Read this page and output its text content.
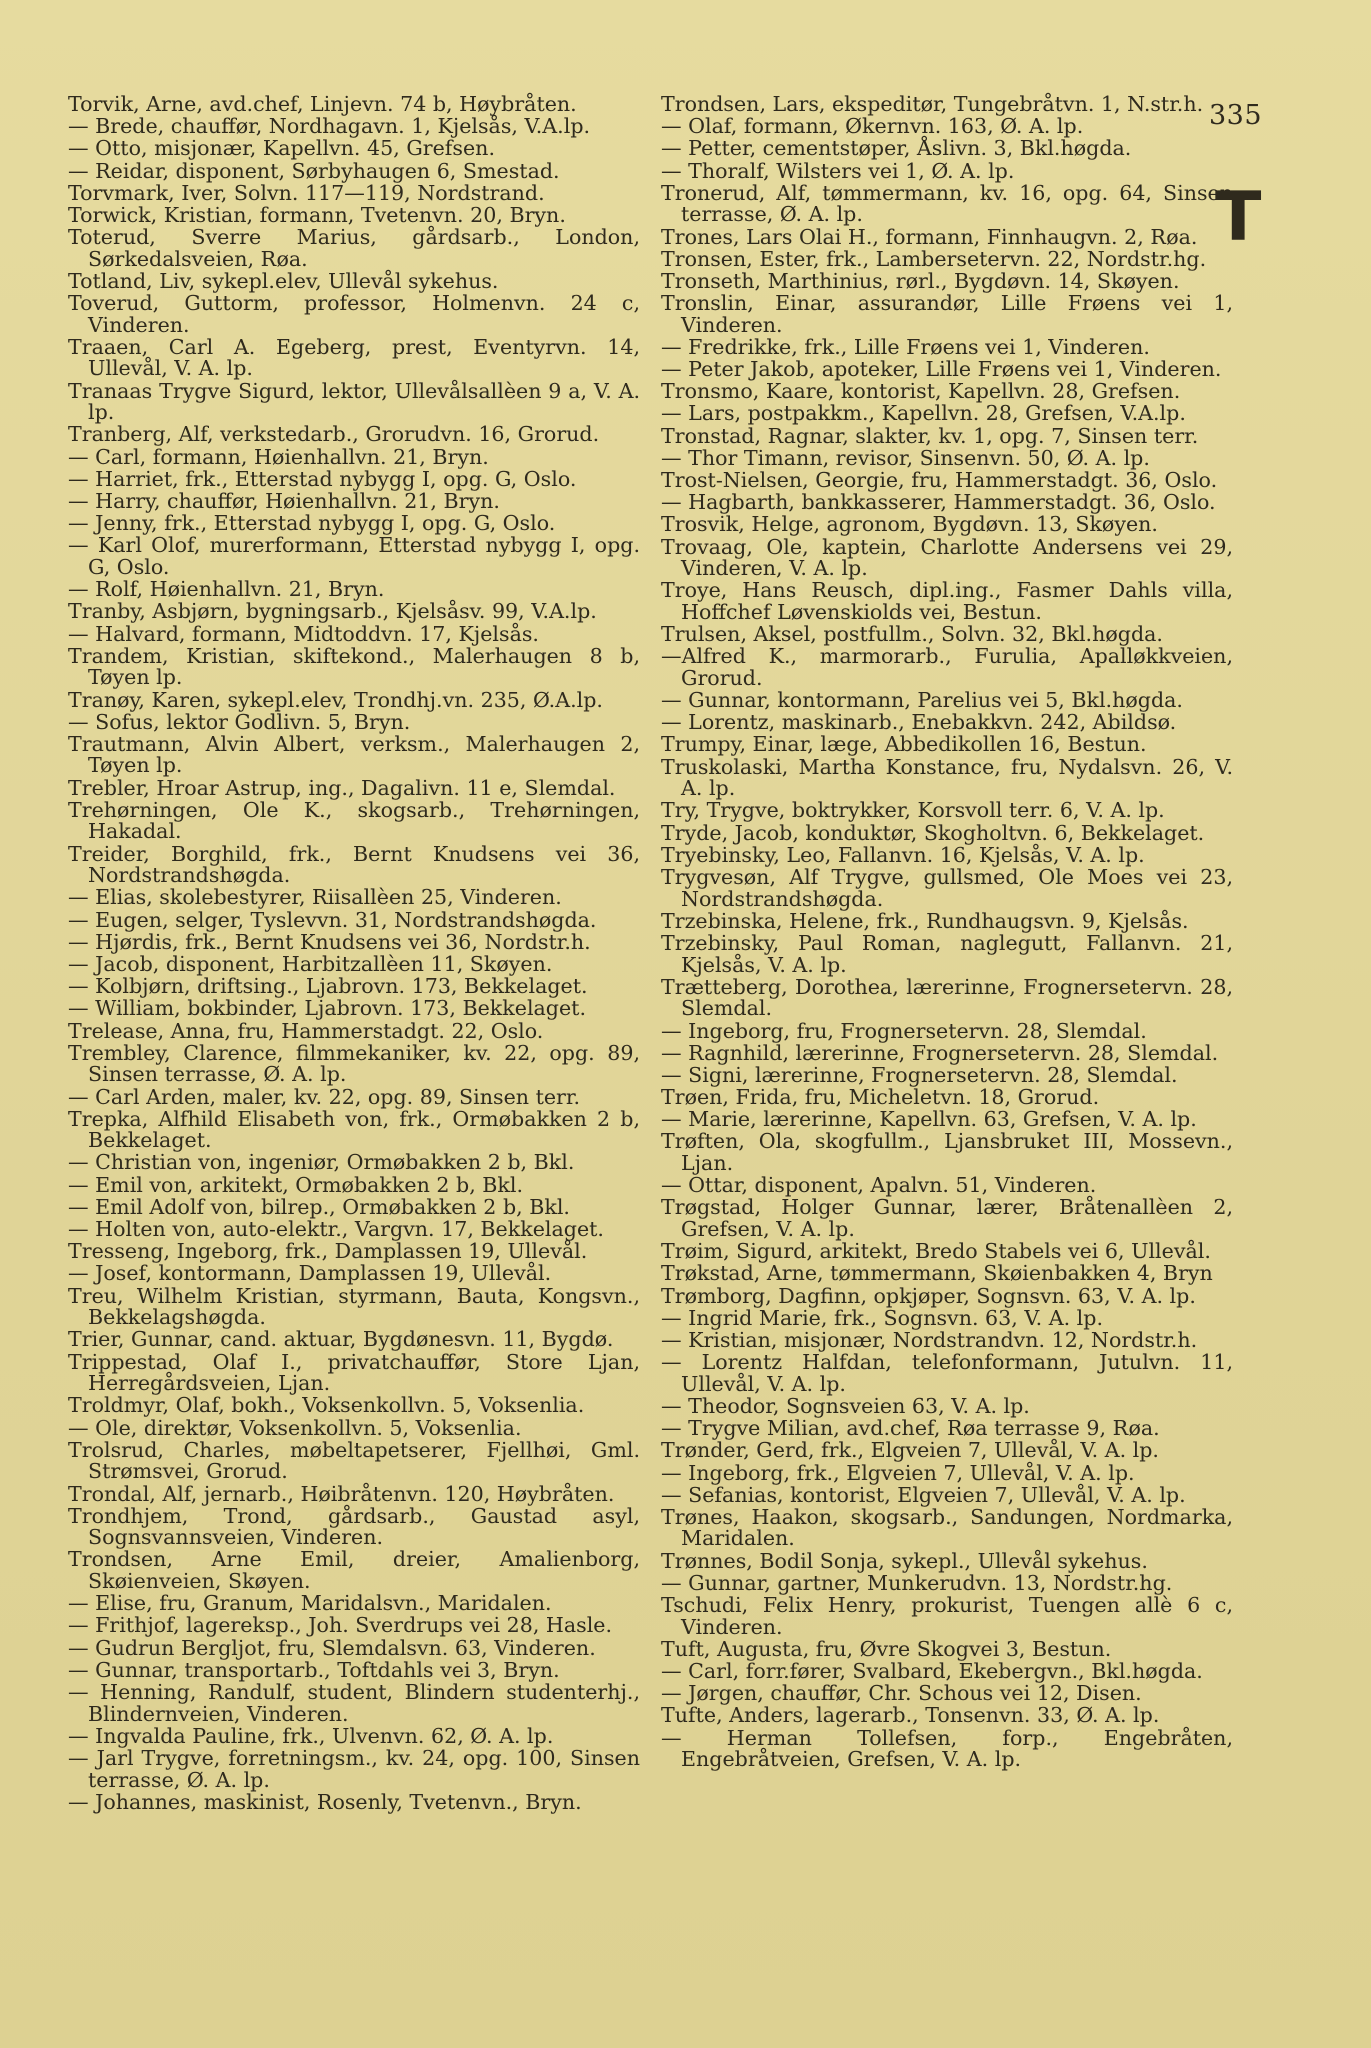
Torvik, Arne, avd.chef, Linjevn. 74 b, Høybråten.
— Brede, chauffør, Nordhagavn. 1, Kjelsås, V.A.lp.
— Otto, misjonær, Kapellvn. 45, Grefsen.
— Reidar, disponent, Sørbyhaugen 6, Smestad.
Torvmark, Iver, Solvn. 117—119, Nordstrand.
Torwick, Kristian, formann, Tvetenvn. 20, Bryn.
Toterud, Sverre Marius, gårdsarb., London, Sørkedalsveien, Røa.
Totland, Liv, sykepl.elev, Ullevål sykehus.
Toverud, Guttorm, professor, Holmenvn. 24 c, Vinderen.
Traaen, Carl A. Egeberg, prest, Eventyrvn. 14, Ullevål, V. A. lp.
Tranaas Trygve Sigurd, lektor, Ullevålsallèen 9 a, V. A. lp.
Tranberg, Alf, verkstedarb., Grorudvn. 16, Grorud.
— Carl, formann, Høienhallvn. 21, Bryn.
— Harriet, frk., Etterstad nybygg I, opg. G, Oslo.
— Harry, chauffør, Høienhallvn. 21, Bryn.
— Jenny, frk., Etterstad nybygg I, opg. G, Oslo.
— Karl Olof, murerformann, Etterstad nybygg I, opg. G, Oslo.
— Rolf, Høienhallvn. 21, Bryn.
Tranby, Asbjørn, bygningsarb., Kjelsåsv. 99, V.A.lp.
— Halvard, formann, Midtoddvn. 17, Kjelsås.
Trandem, Kristian, skiftekond., Malerhaugen 8 b, Tøyen lp.
Tranøy, Karen, sykepl.elev, Trondhj.vn. 235, Ø.A.lp.
— Sofus, lektor Godlivn. 5, Bryn.
Trautmann, Alvin Albert, verksm., Malerhaugen 2, Tøyen lp.
Trebler, Hroar Astrup, ing., Dagalivn. 11 e, Slemdal.
Trehørningen, Ole K., skogsarb., Trehørningen, Hakadal.
Treider, Borghild, frk., Bernt Knudsens vei 36, Nordstrandshøgda.
— Elias, skolebestyrer, Riisallèen 25, Vinderen.
— Eugen, selger, Tyslevvn. 31, Nordstrandshøgda.
— Hjørdis, frk., Bernt Knudsens vei 36, Nordstr.h.
— Jacob, disponent, Harbitzallèen 11, Skøyen.
— Kolbjørn, driftsing., Ljabrovn. 173, Bekkelaget.
— William, bokbinder, Ljabrovn. 173, Bekkelaget.
Trelease, Anna, fru, Hammerstadgt. 22, Oslo.
Trembley, Clarence, filmmekaniker, kv. 22, opg. 89, Sinsen terrasse, Ø. A. lp.
— Carl Arden, maler, kv. 22, opg. 89, Sinsen terr.
Trepka, Alfhild Elisabeth von, frk., Ormøbakken 2 b, Bekkelaget.
— Christian von, ingeniør, Ormøbakken 2 b, Bkl.
— Emil von, arkitekt, Ormøbakken 2 b, Bkl.
— Emil Adolf von, bilrep., Ormøbakken 2 b, Bkl.
— Holten von, auto-elektr., Vargvn. 17, Bekkelaget.
Tresseng, Ingeborg, frk., Damplassen 19, Ullevål.
— Josef, kontormann, Damplassen 19, Ullevål.
Treu, Wilhelm Kristian, styrmann, Bauta, Kongsvn., Bekkelagshøgda.
Trier, Gunnar, cand. aktuar, Bygdønesvn. 11, Bygdø.
Trippestad, Olaf I., privatchauffør, Store Ljan, Herregårdsveien, Ljan.
Troldmyr, Olaf, bokh., Voksenkollvn. 5, Voksenlia.
— Ole, direktør, Voksenkollvn. 5, Voksenlia.
Trolsrud, Charles, møbeltapetserer, Fjellhøi, Gml. Strømsvei, Grorud.
Trondal, Alf, jernarb., Høibråtenvn. 120, Høybråten.
Trondhjem, Trond, gårdsarb., Gaustad asyl, Sognsvannsveien, Vinderen.
Trondsen, Arne Emil, dreier, Amalienborg, Skøienveien, Skøyen.
— Elise, fru, Granum, Maridalsvn., Maridalen.
— Frithjof, lagereksp., Joh. Sverdrups vei 28, Hasle.
— Gudrun Bergljot, fru, Slemdalsvn. 63, Vinderen.
— Gunnar, transportarb., Toftdahls vei 3, Bryn.
— Henning, Randulf, student, Blindern studenterhj., Blindernveien, Vinderen.
— Ingvalda Pauline, frk., Ulvenvn. 62, Ø. A. lp.
— Jarl Trygve, forretningsm., kv. 24, opg. 100, Sinsen terrasse, Ø. A. lp.
— Johannes, maskinist, Rosenly, Tvetenvn., Bryn.
Trondsen, Lars, ekspeditør, Tungebråtvn. 1, N.str.h.
— Olaf, formann, Økernvn. 163, Ø. A. lp.
— Petter, cementstøper, Åslivn. 3, Bkl.høgda.
— Thoralf, Wilsters vei 1, Ø. A. lp.
Tronerud, Alf, tømmermann, kv. 16, opg. 64, Sinsen terrasse, Ø. A. lp.
Trones, Lars Olai H., formann, Finnhaugvn. 2, Røa.
Tronsen, Ester, frk., Lambersetervn. 22, Nordstr.hg.
Tronseth, Marthinius, rørl., Bygdøvn. 14, Skøyen.
Tronslin, Einar, assurandør, Lille Frøens vei 1, Vinderen.
— Fredrikke, frk., Lille Frøens vei 1, Vinderen.
— Peter Jakob, apoteker, Lille Frøens vei 1, Vinderen.
Tronsmo, Kaare, kontorist, Kapellvn. 28, Grefsen.
— Lars, postpakkm., Kapellvn. 28, Grefsen, V.A.lp.
Tronstad, Ragnar, slakter, kv. 1, opg. 7, Sinsen terr.
— Thor Timann, revisor, Sinsenvn. 50, Ø. A. lp.
Trost-Nielsen, Georgie, fru, Hammerstadgt. 36, Oslo.
— Hagbarth, bankkasserer, Hammerstadgt. 36, Oslo.
Trosvik, Helge, agronom, Bygdøvn. 13, Skøyen.
Trovaag, Ole, kaptein, Charlotte Andersens vei 29, Vinderen, V. A. lp.
Troye, Hans Reusch, dipl.ing., Fasmer Dahls villa, Hoffchef Løvenskiolds vei, Bestun.
Trulsen, Aksel, postfullm., Solvn. 32, Bkl.høgda.
—Alfred K., marmorarb., Furulia, Apalløkkveien, Grorud.
— Gunnar, kontormann, Parelius vei 5, Bkl.høgda.
— Lorentz, maskinarb., Enebakkvn. 242, Abildsø.
Trumpy, Einar, læge, Abbedikollen 16, Bestun.
Truskolaski, Martha Konstance, fru, Nydalsvn. 26, V. A. lp.
Try, Trygve, boktrykker, Korsvoll terr. 6, V. A. lp.
Tryde, Jacob, konduktør, Skogholtvn. 6, Bekkelaget.
Tryebinsky, Leo, Fallanvn. 16, Kjelsås, V. A. lp.
Trygvesøn, Alf Trygve, gullsmed, Ole Moes vei 23, Nordstrandshøgda.
Trzebinska, Helene, frk., Rundhaugsvn. 9, Kjelsås.
Trzebinsky, Paul Roman, naglegutt, Fallanvn. 21, Kjelsås, V. A. lp.
Trætteberg, Dorothea, lærerinne, Frognersetervn. 28, Slemdal.
— Ingeborg, fru, Frognersetervn. 28, Slemdal.
— Ragnhild, lærerinne, Frognersetervn. 28, Slemdal.
— Signi, lærerinne, Frognersetervn. 28, Slemdal.
Trøen, Frida, fru, Micheletvn. 18, Grorud.
— Marie, lærerinne, Kapellvn. 63, Grefsen, V. A. lp.
Trøften, Ola, skogfullm., Ljansbruket III, Mossevn., Ljan.
— Ottar, disponent, Apalvn. 51, Vinderen.
Trøgstad, Holger Gunnar, lærer, Bråtenallèen 2, Grefsen, V. A. lp.
Trøim, Sigurd, arkitekt, Bredo Stabels vei 6, Ullevål.
Trøkstad, Arne, tømmermann, Skøienbakken 4, Bryn
Trømborg, Dagfinn, opkjøper, Sognsvn. 63, V. A. lp.
— Ingrid Marie, frk., Sognsvn. 63, V. A. lp.
— Kristian, misjonær, Nordstrandvn. 12, Nordstr.h.
— Lorentz Halfdan, telefonformann, Jutulvn. 11, Ullevål, V. A. lp.
— Theodor, Sognsveien 63, V. A. lp.
— Trygve Milian, avd.chef, Røa terrasse 9, Røa.
Trønder, Gerd, frk., Elgveien 7, Ullevål, V. A. lp.
— Ingeborg, frk., Elgveien 7, Ullevål, V. A. lp.
— Sefanias, kontorist, Elgveien 7, Ullevål, V. A. lp.
Trønes, Haakon, skogsarb., Sandungen, Nordmarka, Maridalen.
Trønnes, Bodil Sonja, sykepl., Ullevål sykehus.
— Gunnar, gartner, Munkerudvn. 13, Nordstr.hg.
Tschudi, Felix Henry, prokurist, Tuengen allè 6 c, Vinderen.
Tuft, Augusta, fru, Øvre Skogvei 3, Bestun.
— Carl, forr.fører, Svalbard, Ekebergvn., Bkl.høgda.
— Jørgen, chauffør, Chr. Schous vei 12, Disen.
Tufte, Anders, lagerarb., Tonsenvn. 33, Ø. A. lp.
— Herman Tollefsen, forp., Engebråten, Engebråtveien, Grefsen, V. A. lp.
335
T
